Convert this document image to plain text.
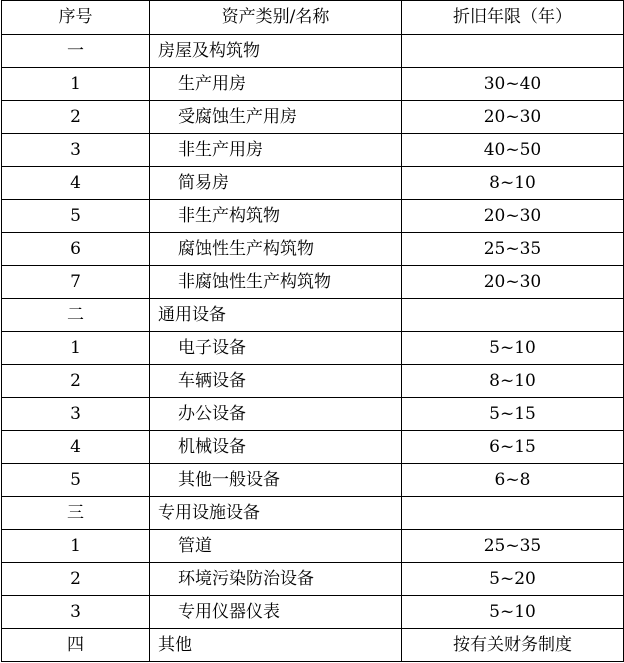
序号	资产类别/名称	折旧年限（年）
一	房屋及构筑物	
1	生产用房	30~40
2	受腐蚀生产用房	20~30
3	非生产用房	40~50
4	简易房	8~10
5	非生产构筑物	20~30
6	腐蚀性生产构筑物	25~35
7	非腐蚀性生产构筑物	20~30
二	通用设备	
1	电子设备	5~10
2	车辆设备	8~10
3	办公设备	5~15
4	机械设备	6~15
5	其他一般设备	6~8
三	专用设施设备	
1	管道	25~35
2	环境污染防治设备	5~20
3	专用仪器仪表	5~10
四	其他	按有关财务制度
